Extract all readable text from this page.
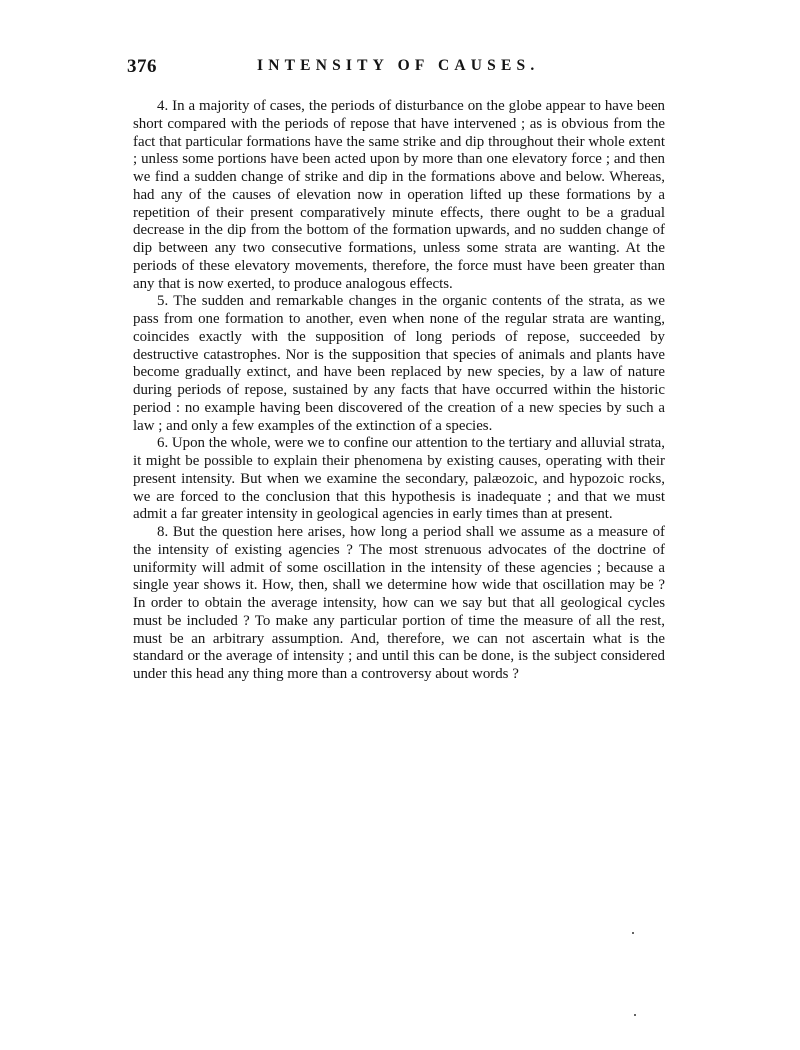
376	INTENSITY OF CAUSES.

4. In a majority of cases, the periods of disturbance on the globe appear to have been short compared with the periods of repose that have intervened ; as is obvious from the fact that particular formations have the same strike and dip throughout their whole extent ; unless some portions have been acted upon by more than one elevatory force ; and then we find a sudden change of strike and dip in the formations above and below. Whereas, had any of the causes of elevation now in operation lifted up these formations by a repetition of their present comparatively minute effects, there ought to be a gradual decrease in the dip from the bottom of the formation upwards, and no sudden change of dip between any two consecutive formations, unless some strata are wanting. At the periods of these elevatory movements, therefore, the force must have been greater than any that is now exerted, to produce analogous effects.

5. The sudden and remarkable changes in the organic contents of the strata, as we pass from one formation to another, even when none of the regular strata are wanting, coincides exactly with the supposition of long periods of repose, succeeded by destructive catastrophes. Nor is the supposition that species of animals and plants have become gradually extinct, and have been replaced by new species, by a law of nature during periods of repose, sustained by any facts that have occurred within the historic period : no example having been discovered of the creation of a new species by such a law ; and only a few examples of the extinction of a species.

6. Upon the whole, were we to confine our attention to the tertiary and alluvial strata, it might be possible to explain their phenomena by existing causes, operating with their present intensity. But when we examine the secondary, palæozoic, and hypozoic rocks, we are forced to the conclusion that this hypothesis is inadequate ; and that we must admit a far greater intensity in geological agencies in early times than at present.

8. But the question here arises, how long a period shall we assume as a measure of the intensity of existing agencies ? The most strenuous advocates of the doctrine of uniformity will admit of some oscillation in the intensity of these agencies ; because a single year shows it. How, then, shall we determine how wide that oscillation may be ? In order to obtain the average intensity, how can we say but that all geological cycles must be included ? To make any particular portion of time the measure of all the rest, must be an arbitrary assumption. And, therefore, we can not ascertain what is the standard or the average of intensity ; and until this can be done, is the subject considered under this head any thing more than a controversy about words ?
